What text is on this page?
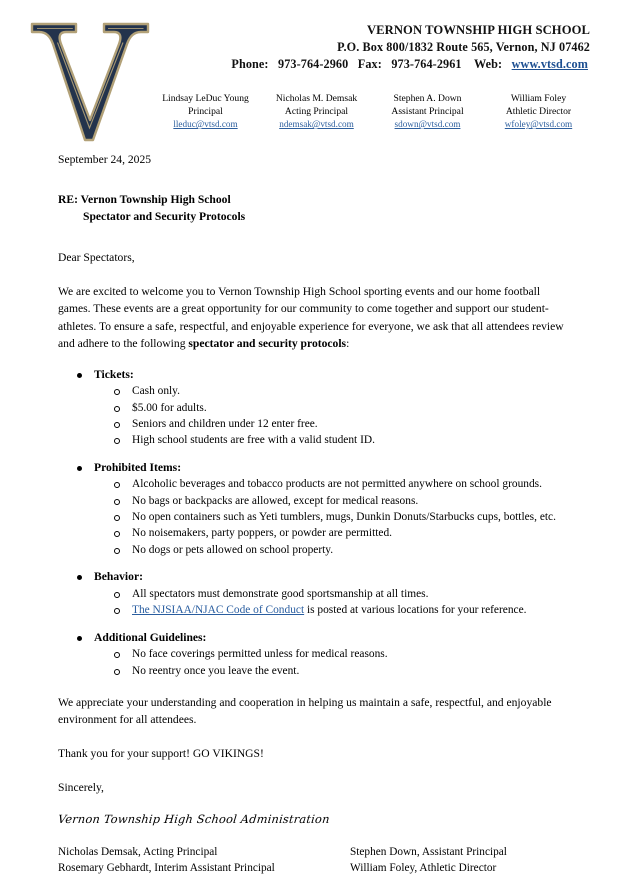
VERNON TOWNSHIP HIGH SCHOOL
P.O. Box 800/1832 Route 565, Vernon, NJ 07462
Phone: 973-764-2960 Fax: 973-764-2961 Web: www.vtsd.com
Lindsay LeDuc Young
Principal
lleduc@vtsd.com
Nicholas M. Demsak
Acting Principal
ndemsak@vtsd.com
Stephen A. Down
Assistant Principal
sdown@vtsd.com
William Foley
Athletic Director
wfoley@vtsd.com
September 24, 2025
RE: Vernon Township High School
Spectator and Security Protocols
Dear Spectators,
We are excited to welcome you to Vernon Township High School sporting events and our home football games. These events are a great opportunity for our community to come together and support our student-athletes. To ensure a safe, respectful, and enjoyable experience for everyone, we ask that all attendees review and adhere to the following spectator and security protocols:
Tickets:
Cash only.
$5.00 for adults.
Seniors and children under 12 enter free.
High school students are free with a valid student ID.
Prohibited Items:
Alcoholic beverages and tobacco products are not permitted anywhere on school grounds.
No bags or backpacks are allowed, except for medical reasons.
No open containers such as Yeti tumblers, mugs, Dunkin Donuts/Starbucks cups, bottles, etc.
No noisemakers, party poppers, or powder are permitted.
No dogs or pets allowed on school property.
Behavior:
All spectators must demonstrate good sportsmanship at all times.
The NJSIAA/NJAC Code of Conduct is posted at various locations for your reference.
Additional Guidelines:
No face coverings permitted unless for medical reasons.
No reentry once you leave the event.
We appreciate your understanding and cooperation in helping us maintain a safe, respectful, and enjoyable environment for all attendees.
Thank you for your support! GO VIKINGS!
Sincerely,
Vernon Township High School Administration
Nicholas Demsak, Acting Principal
Rosemary Gebhardt, Interim Assistant Principal
Stephen Down, Assistant Principal
William Foley, Athletic Director
